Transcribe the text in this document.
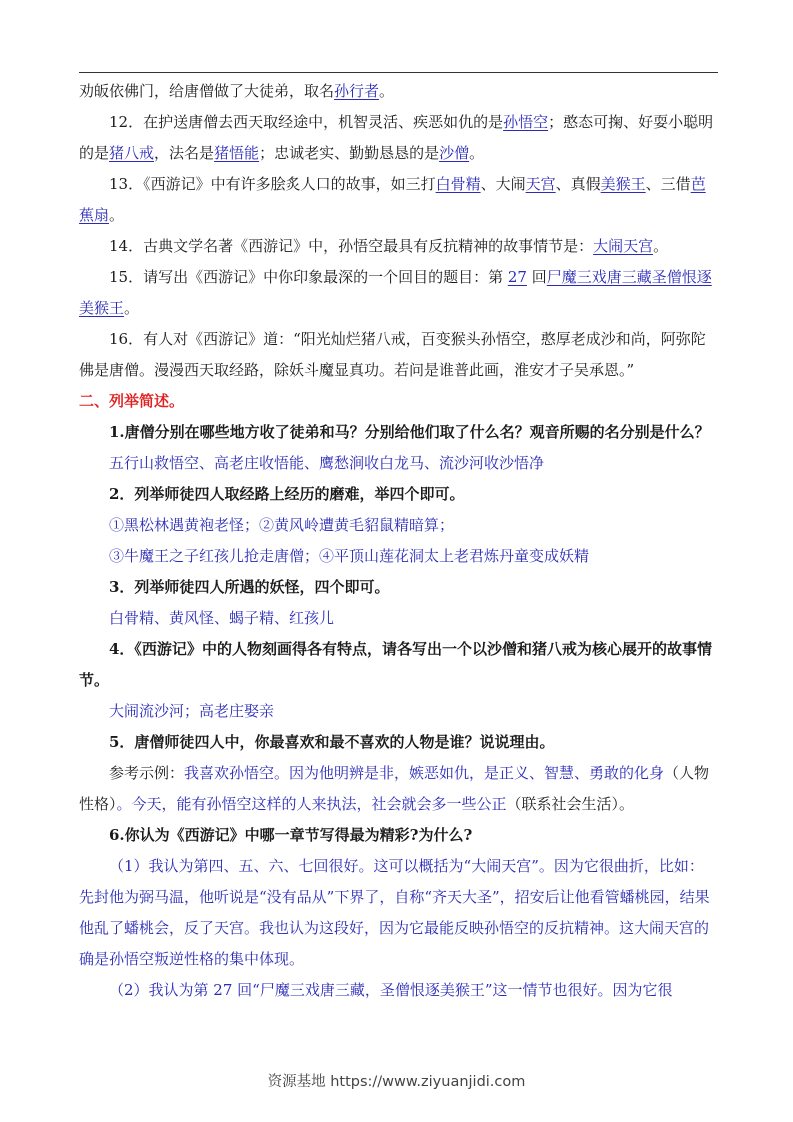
劝皈依佛门，给唐僧做了大徒弟，取名孙行者。

12．在护送唐僧去西天取经途中，机智灵活、疾恶如仇的是孙悟空；憨态可掬、好耍小聪明的是猪八戒，法名是猪悟能；忠诚老实、勤勤恳恳的是沙僧。

13．《西游记》中有许多脍炙人口的故事，如三打白骨精、大闹天宫、真假美猴王、三借芭蕉扇。

14．古典文学名著《西游记》中，孙悟空最具有反抗精神的故事情节是：大闹天宫。

15．请写出《西游记》中你印象最深的一个回目的题目：第 27 回尸魔三戏唐三藏圣僧恨逐美猴王。

16．有人对《西游记》道：“阳光灿烂猪八戒，百变猴头孙悟空，憨厚老成沙和尚，阿弥陀佛是唐僧。漫漫西天取经路，除妖斗魔显真功。若问是谁普此画，淮安才子吴承恩。”

二、列举简述。

1.唐僧分别在哪些地方收了徒弟和马？分别给他们取了什么名？观音所赐的名分别是什么？

五行山救悟空、高老庄收悟能、鹰愁涧收白龙马、流沙河收沙悟净

2．列举师徒四人取经路上经历的磨难，举四个即可。

①黑松林遇黄袍老怪；②黄风岭遭黄毛貂鼠精暗算；

③牛魔王之子红孩儿抢走唐僧；④平顶山莲花洞太上老君炼丹童变成妖精

3．列举师徒四人所遇的妖怪，四个即可。

白骨精、黄风怪、蝎子精、红孩儿

4．《西游记》中的人物刻画得各有特点，请各写出一个以沙僧和猪八戒为核心展开的故事情节。

大闹流沙河；高老庄娶亲

5．唐僧师徒四人中，你最喜欢和最不喜欢的人物是谁？说说理由。

参考示例：我喜欢孙悟空。因为他明辨是非，嫉恶如仇，是正义、智慧、勇敢的化身（人物性格）。今天，能有孙悟空这样的人来执法，社会就会多一些公正（联系社会生活）。

6.你认为《西游记》中哪一章节写得最为精彩?为什么?

（1）我认为第四、五、六、七回很好。这可以概括为“大闹天宫”。因为它很曲折，比如：先封他为弼马温，他听说是“没有品从”下界了，自称“齐天大圣”，招安后让他看管蟠桃园，结果他乱了蟠桃会，反了天宫。我也认为这段好，因为它最能反映孙悟空的反抗精神。这大闹天宫的确是孙悟空叛逆性格的集中体现。

（2）我认为第 27 回“尸魔三戏唐三藏，圣僧恨逐美猴王”这一情节也很好。因为它很

资源基地 https://www.ziyuanjidi.com
